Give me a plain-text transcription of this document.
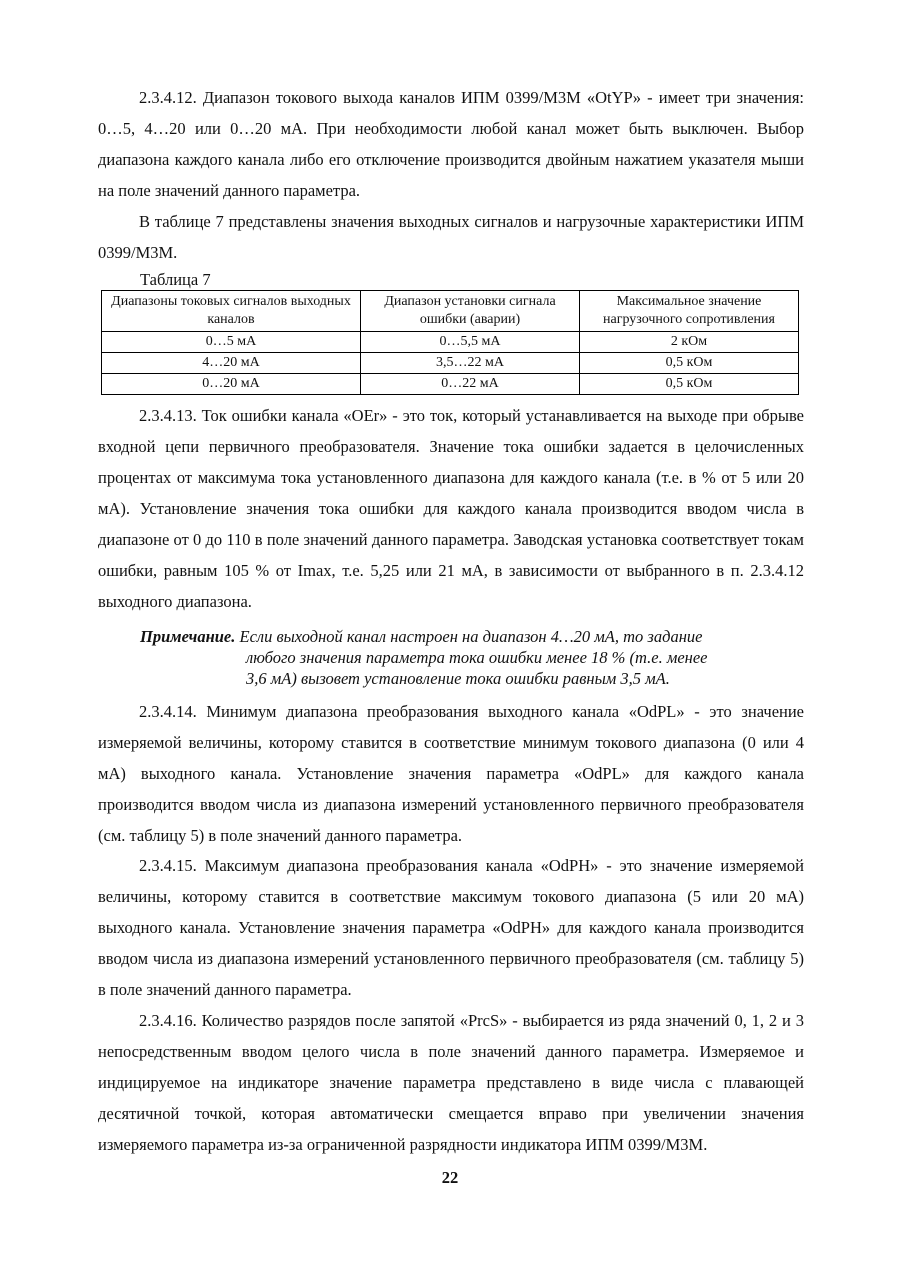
2.3.4.12. Диапазон токового выхода каналов ИПМ 0399/М3М «OtYP» - имеет три значения: 0…5, 4…20 или 0…20 мА. При необходимости любой канал может быть выключен. Выбор диапазона каждого канала либо его отключение производится двойным нажатием указателя мыши на поле значений данного параметра.

В таблице 7 представлены значения выходных сигналов и нагрузочные характеристики ИПМ 0399/М3М.

Таблица 7
Диапазоны токовых сигналов выходных каналов	Диапазон установки сигнала ошибки (аварии)	Максимальное значение нагрузочного сопротивления
0…5 мА	0…5,5 мА	2 кОм
4…20 мА	3,5…22 мА	0,5 кОм
0…20 мА	0…22 мА	0,5 кОм

2.3.4.13. Ток ошибки канала «OEr» - это ток, который устанавливается на выходе при обрыве входной цепи первичного преобразователя. Значение тока ошибки задается в целочисленных процентах от максимума тока установленного диапазона для каждого канала (т.е. в % от 5 или 20 мА). Установление значения тока ошибки для каждого канала производится вводом числа в диапазоне от 0 до 110 в поле значений данного параметра. Заводская установка соответствует токам ошибки, равным 105 % от Imax, т.е. 5,25 или 21 мА, в зависимости от выбранного в п. 2.3.4.12 выходного диапазона.

Примечание. Если выходной канал настроен на диапазон 4…20 мА, то задание
любого значения параметра тока ошибки менее 18 % (т.е. менее
3,6 мА) вызовет установление тока ошибки равным 3,5 мА.

2.3.4.14. Минимум диапазона преобразования выходного канала «OdPL» - это значение измеряемой величины, которому ставится в соответствие минимум токового диапазона (0 или 4 мА) выходного канала. Установление значения параметра «OdPL» для каждого канала производится вводом числа из диапазона измерений установленного первичного преобразователя (см. таблицу 5) в поле значений данного параметра.

2.3.4.15. Максимум диапазона преобразования канала «OdPH» - это значение измеряемой величины, которому ставится в соответствие максимум токового диапазона (5 или 20 мА) выходного канала. Установление значения параметра «OdPH» для каждого канала производится вводом числа из диапазона измерений установленного первичного преобразователя (см. таблицу 5) в поле значений данного параметра.

2.3.4.16. Количество разрядов после запятой «PrcS» - выбирается из ряда значений 0, 1, 2 и 3 непосредственным вводом целого числа в поле значений данного параметра. Измеряемое и индицируемое на индикаторе значение параметра представлено в виде числа с плавающей десятичной точкой, которая автоматически смещается вправо при увеличении значения измеряемого параметра из-за ограниченной разрядности индикатора ИПМ 0399/М3М.

22
